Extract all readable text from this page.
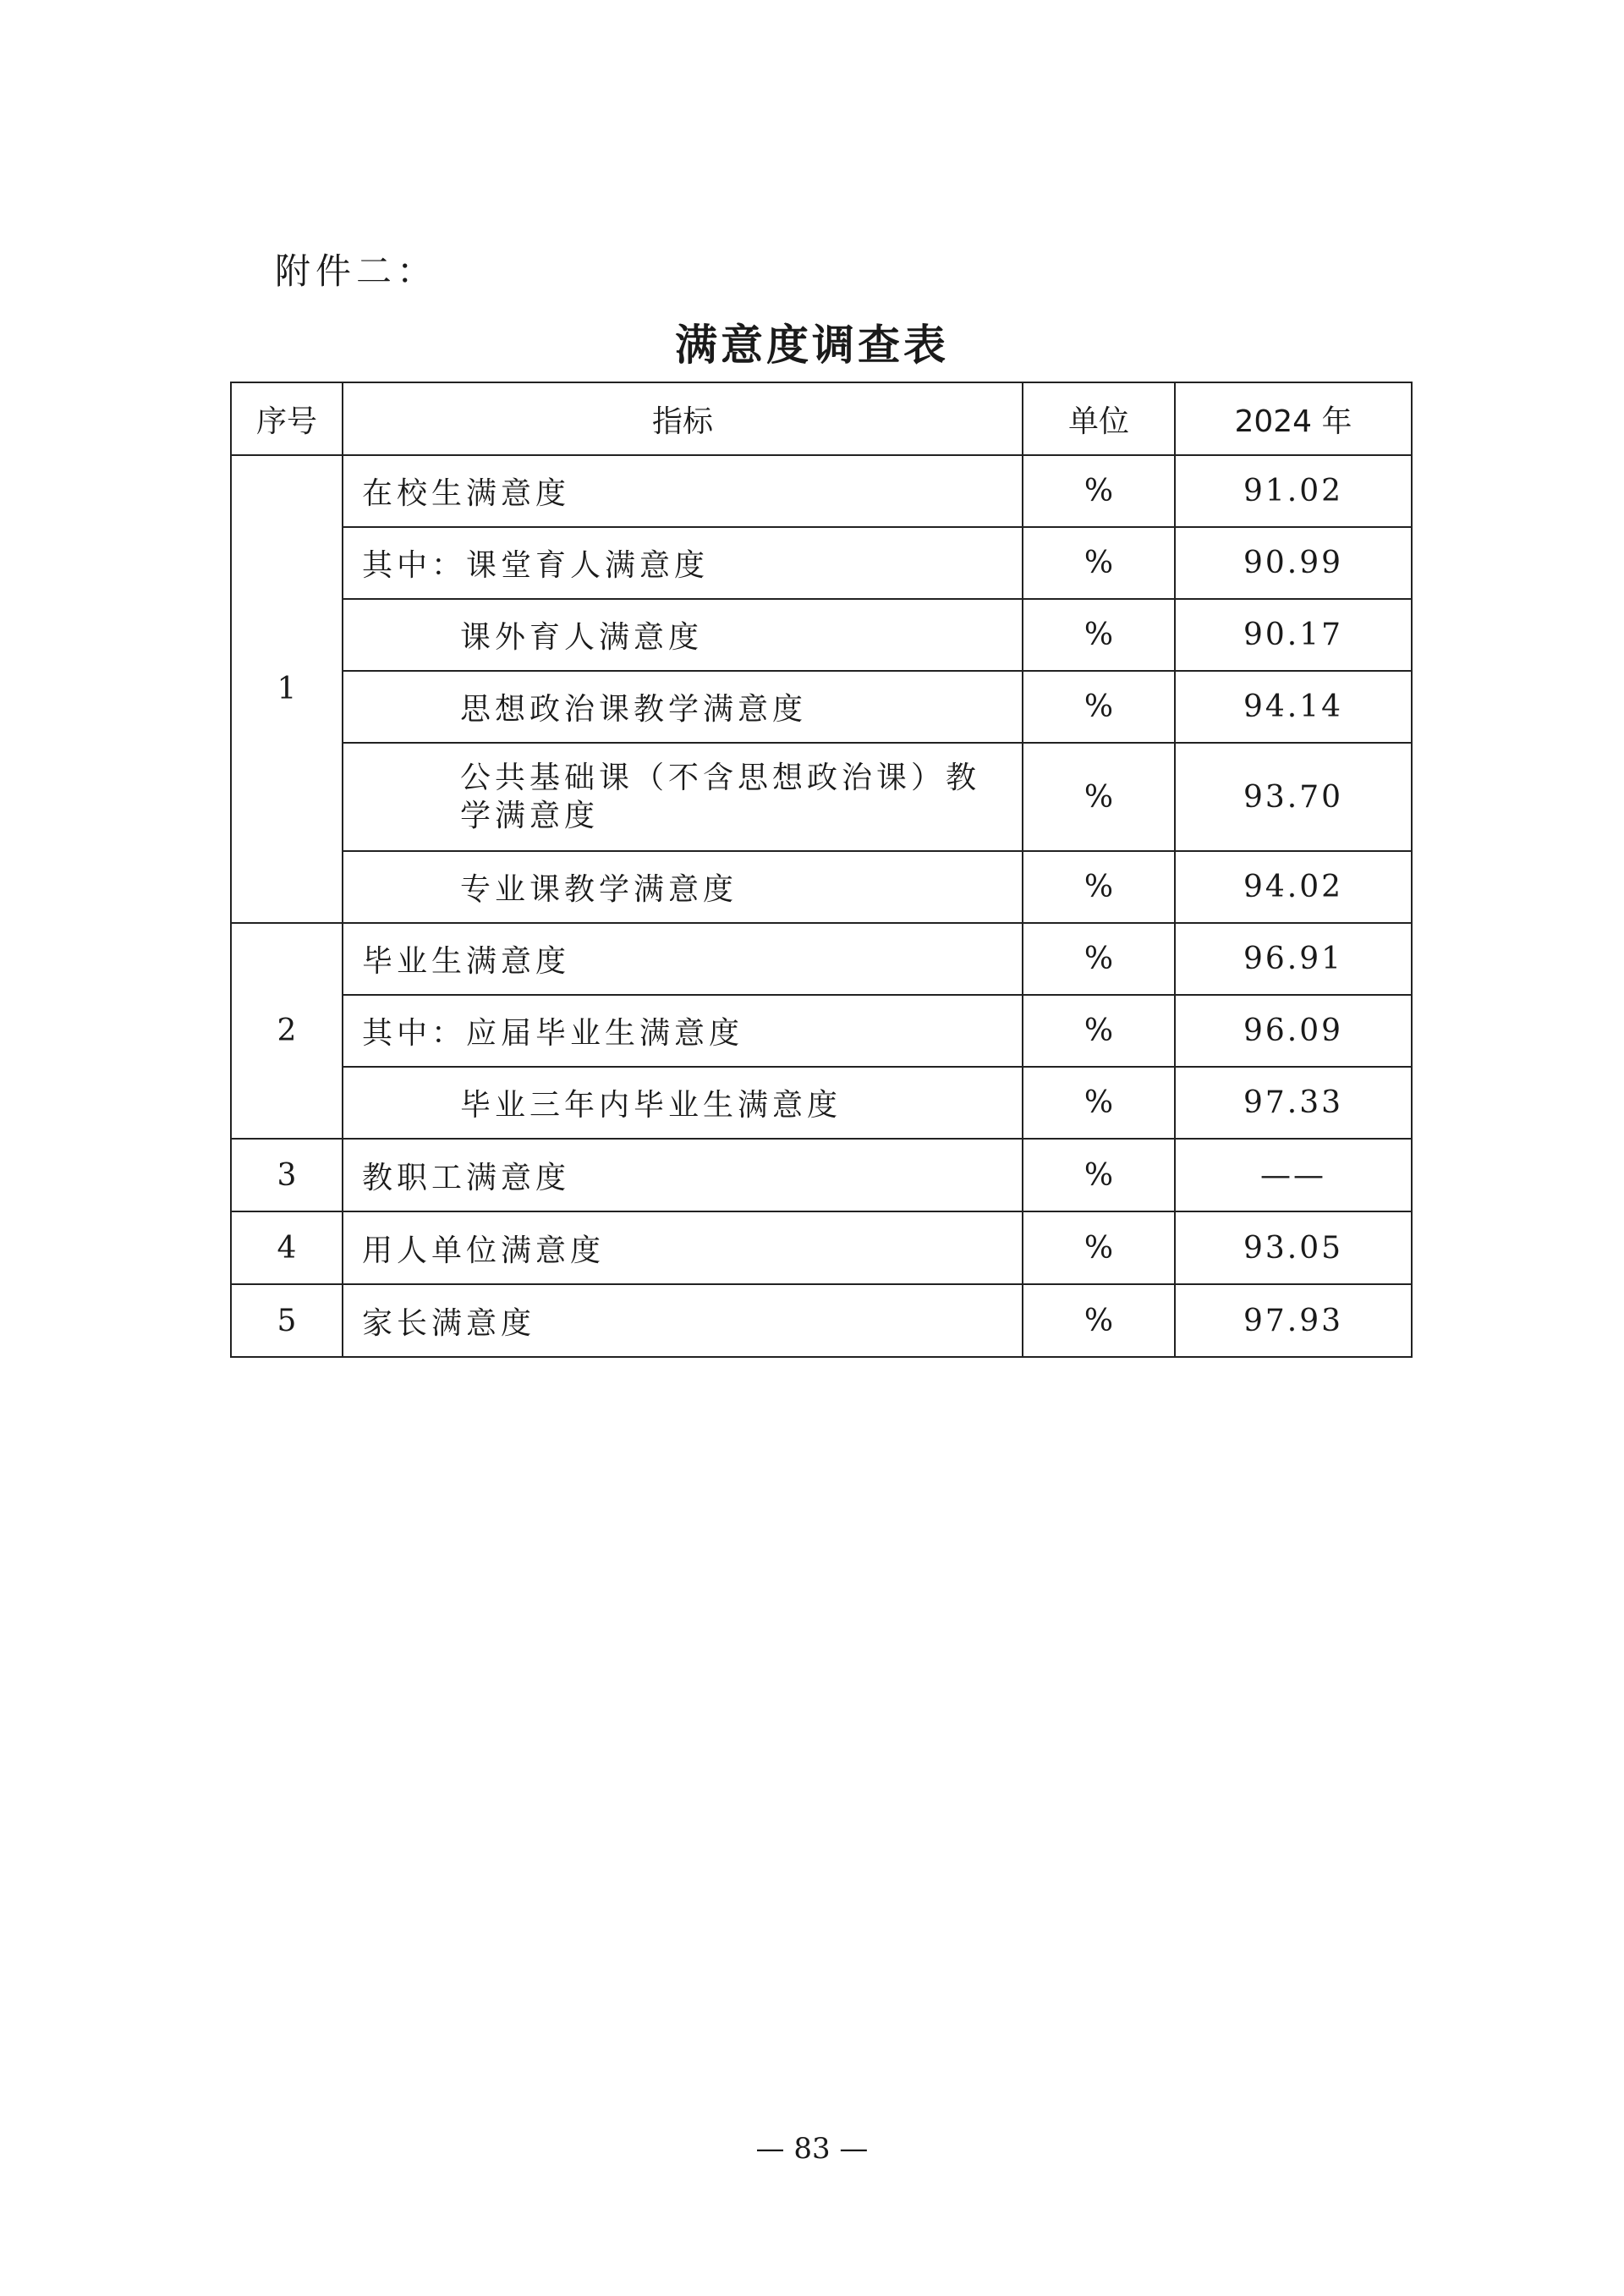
附件二：
满意度调查表
序号	指标	单位	2024 年
1	在校生满意度	%	91.02
	其中：课堂育人满意度	%	90.99
	课外育人满意度	%	90.17
	思想政治课教学满意度	%	94.14
	公共基础课（不含思想政治课）教学满意度	%	93.70
	专业课教学满意度	%	94.02
2	毕业生满意度	%	96.91
	其中：应届毕业生满意度	%	96.09
	毕业三年内毕业生满意度	%	97.33
3	教职工满意度	%	——
4	用人单位满意度	%	93.05
5	家长满意度	%	97.93
— 83 —
